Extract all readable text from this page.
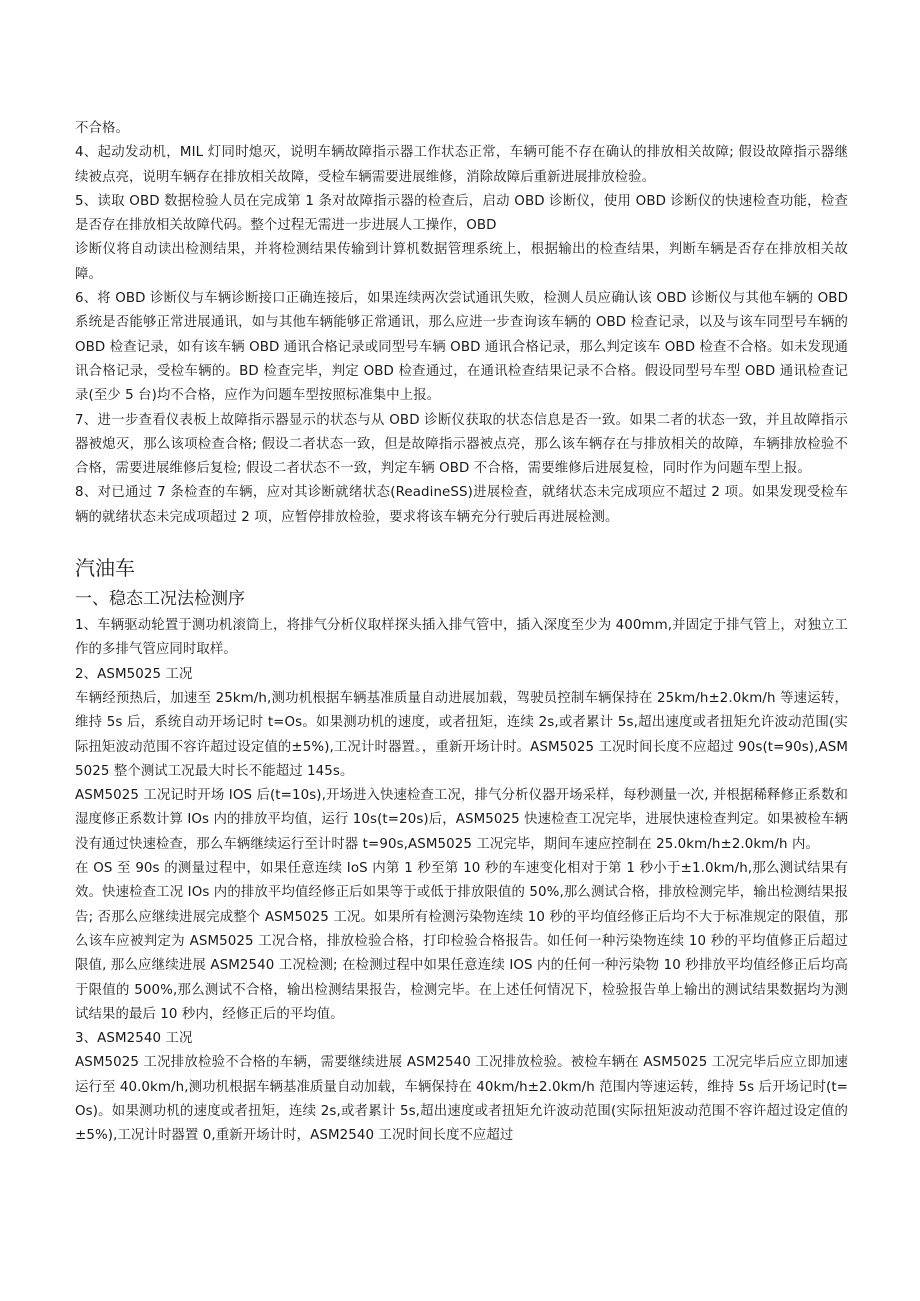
不合格。

4、起动发动机，MIL 灯同时熄灭，说明车辆故障指示器工作状态正常，车辆可能不存在确认的排放相关故障; 假设故障指示器继续被点亮，说明车辆存在排放相关故障，受检车辆需要进展维修，消除故障后重新进展排放检验。

5、读取 OBD 数据检验人员在完成第 1 条对故障指示器的检查后，启动 OBD 诊断仪，使用 OBD 诊断仪的快速检查功能，检查是否存在排放相关故障代码。整个过程无需进一步进展人工操作，OBD

诊断仪将自动读出检测结果，并将检测结果传输到计算机数据管理系统上，根据输出的检查结果，判断车辆是否存在排放相关故障。

6、将 OBD 诊断仪与车辆诊断接口正确连接后，如果连续两次尝试通讯失败，检测人员应确认该 OBD 诊断仪与其他车辆的 OBD 系统是否能够正常进展通讯，如与其他车辆能够正常通讯，那么应进一步查询该车辆的 OBD 检查记录，以及与该车同型号车辆的 OBD 检查记录，如有该车辆 OBD 通讯合格记录或同型号车辆 OBD 通讯合格记录，那么判定该车 OBD 检查不合格。如未发现通讯合格记录，受检车辆的。BD 检查完毕，判定 OBD 检查通过，在通讯检查结果记录不合格。假设同型号车型 OBD 通讯检查记录(至少 5 台)均不合格，应作为问题车型按照标准集中上报。

7、进一步查看仪表板上故障指示器显示的状态与从 OBD 诊断仪获取的状态信息是否一致。如果二者的状态一致，并且故障指示器被熄灭，那么该项检查合格; 假设二者状态一致，但是故障指示器被点亮，那么该车辆存在与排放相关的故障，车辆排放检验不合格，需要进展维修后复检; 假设二者状态不一致，判定车辆 OBD 不合格，需要维修后进展复检，同时作为问题车型上报。

8、对已通过 7 条检查的车辆，应对其诊断就绪状态(ReadineSS)进展检查，就绪状态未完成项应不超过 2 项。如果发现受检车辆的就绪状态未完成项超过 2 项，应暂停排放检验，要求将该车辆充分行驶后再进展检测。

汽油车
一、稳态工况法检测序

1、车辆驱动轮置于测功机滚筒上，将排气分析仪取样探头插入排气管中，插入深度至少为 400mm,并固定于排气管上，对独立工作的多排气管应同时取样。

2、ASM5025 工况

车辆经预热后，加速至 25km/h,测功机根据车辆基准质量自动进展加载，驾驶员控制车辆保持在 25km/h±2.0km/h 等速运转，维持 5s 后，系统自动开场记时 t=Os。如果测功机的速度，或者扭矩，连续 2s,或者累计 5s,超出速度或者扭矩允许波动范围(实际扭矩波动范围不容许超过设定值的±5%),工况计时器置。，重新开场计时。ASM5025 工况时间长度不应超过 90s(t=90s),ASM5025 整个测试工况最大时长不能超过 145s。

ASM5025 工况记时开场 IOS 后(t=10s),开场进入快速检查工况，排气分析仪器开场采样，每秒测量一次, 并根据稀释修正系数和湿度修正系数计算 IOs 内的排放平均值，运行 10s(t=20s)后，ASM5025 快速检查工况完毕，进展快速检查判定。如果被检车辆没有通过快速检查，那么车辆继续运行至计时器 t=90s,ASM5025 工况完毕，期间车速应控制在 25.0km/h±2.0km/h 内。

在 OS 至 90s 的测量过程中，如果任意连续 IoS 内第 1 秒至第 10 秒的车速变化相对于第 1 秒小于±1.0km/h,那么测试结果有效。快速检查工况 IOs 内的排放平均值经修正后如果等于或低于排放限值的 50%,那么测试合格，排放检测完毕，输出检测结果报告; 否那么应继续进展完成整个 ASM5025 工况。如果所有检测污染物连续 10 秒的平均值经修正后均不大于标准规定的限值，那么该车应被判定为 ASM5025 工况合格，排放检验合格，打印检验合格报告。如任何一种污染物连续 10 秒的平均值修正后超过限值, 那么应继续进展 ASM2540 工况检测; 在检测过程中如果任意连续 IOS 内的任何一种污染物 10 秒排放平均值经修正后均高于限值的 500%,那么测试不合格，输出检测结果报告，检测完毕。在上述任何情况下，检验报告单上输出的测试结果数据均为测试结果的最后 10 秒内，经修正后的平均值。

3、ASM2540 工况

ASM5025 工况排放检验不合格的车辆，需要继续进展 ASM2540 工况排放检验。被检车辆在 ASM5025 工况完毕后应立即加速运行至 40.0km/h,测功机根据车辆基准质量自动加载，车辆保持在 40km/h±2.0km/h 范围内等速运转，维持 5s 后开场记时(t=Os)。如果测功机的速度或者扭矩，连续 2s,或者累计 5s,超出速度或者扭矩允许波动范围(实际扭矩波动范围不容许超过设定值的±5%),工况计时器置 0,重新开场计时，ASM2540 工况时间长度不应超过
